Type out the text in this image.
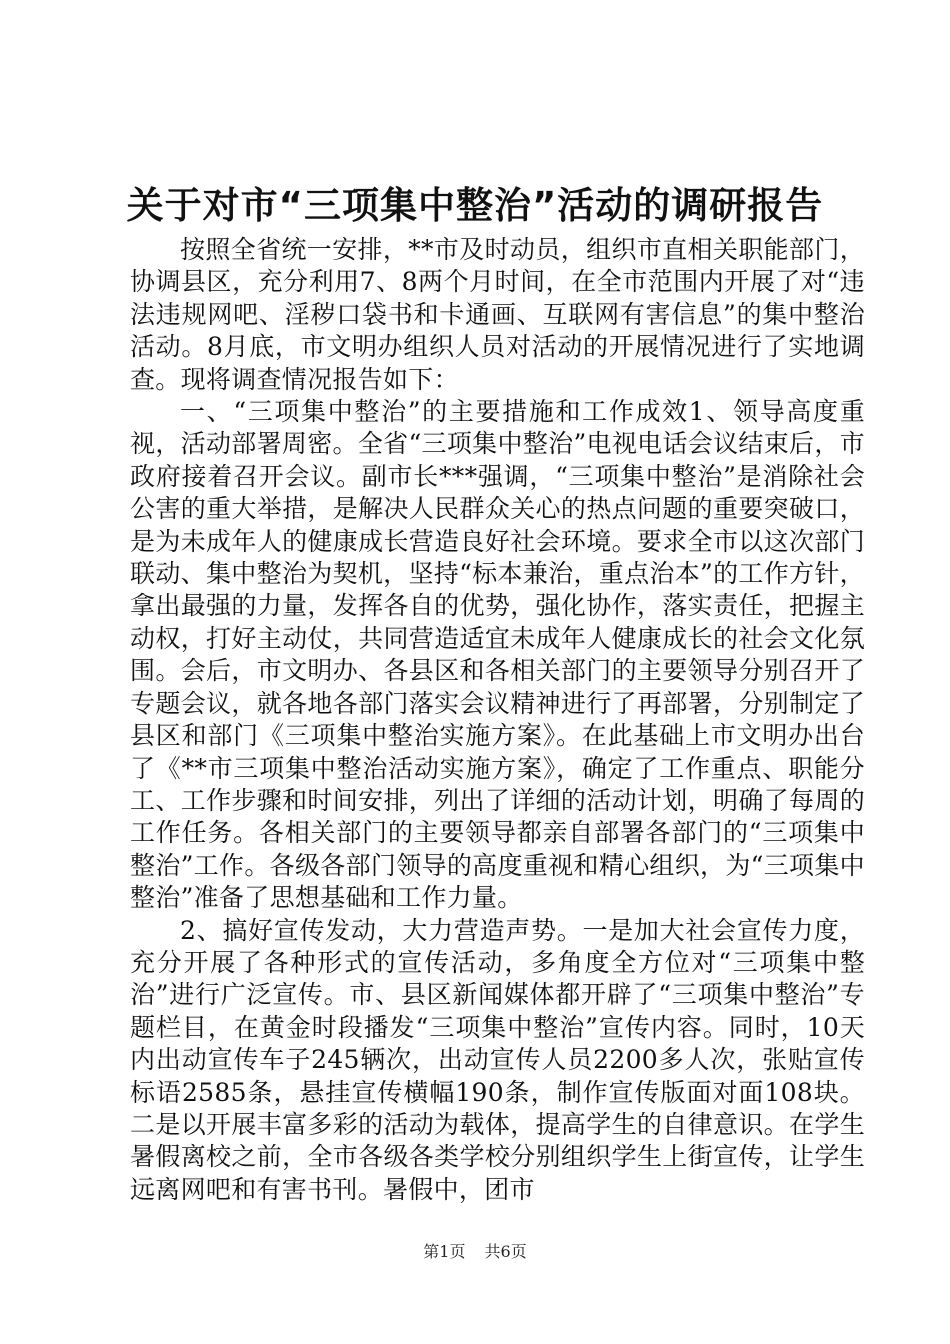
关于对市“三项集中整治”活动的调研报告

按照全省统一安排，**市及时动员，组织市直相关职能部门，协调县区，充分利用7、8两个月时间，在全市范围内开展了对“违法违规网吧、淫秽口袋书和卡通画、互联网有害信息”的集中整治活动。8月底，市文明办组织人员对活动的开展情况进行了实地调查。现将调查情况报告如下：

一、“三项集中整治”的主要措施和工作成效1、领导高度重视，活动部署周密。全省“三项集中整治”电视电话会议结束后，市政府接着召开会议。副市长***强调，“三项集中整治”是消除社会公害的重大举措，是解决人民群众关心的热点问题的重要突破口，是为未成年人的健康成长营造良好社会环境。要求全市以这次部门联动、集中整治为契机，坚持“标本兼治，重点治本”的工作方针，拿出最强的力量，发挥各自的优势，强化协作，落实责任，把握主动权，打好主动仗，共同营造适宜未成年人健康成长的社会文化氛围。会后，市文明办、各县区和各相关部门的主要领导分别召开了专题会议，就各地各部门落实会议精神进行了再部署，分别制定了县区和部门《三项集中整治实施方案》。在此基础上市文明办出台了《**市三项集中整治活动实施方案》，确定了工作重点、职能分工、工作步骤和时间安排，列出了详细的活动计划，明确了每周的工作任务。各相关部门的主要领导都亲自部署各部门的“三项集中整治”工作。各级各部门领导的高度重视和精心组织，为“三项集中整治”准备了思想基础和工作力量。

2、搞好宣传发动，大力营造声势。一是加大社会宣传力度，充分开展了各种形式的宣传活动，多角度全方位对“三项集中整治”进行广泛宣传。市、县区新闻媒体都开辟了“三项集中整治”专题栏目，在黄金时段播发“三项集中整治”宣传内容。同时，10天内出动宣传车子245辆次，出动宣传人员2200多人次，张贴宣传标语2585条，悬挂宣传横幅190条，制作宣传版面对面108块。二是以开展丰富多彩的活动为载体，提高学生的自律意识。在学生暑假离校之前，全市各级各类学校分别组织学生上街宣传，让学生远离网吧和有害书刊。暑假中，团市

第1页 共6页
